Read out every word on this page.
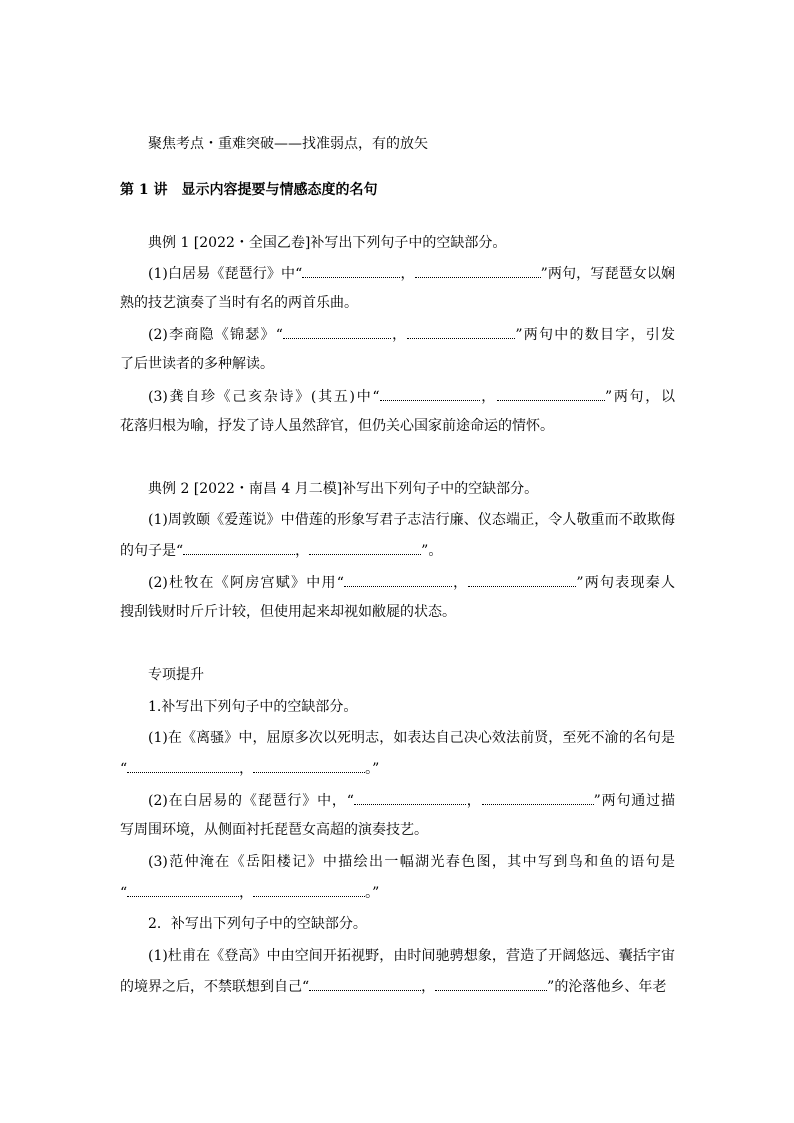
聚焦考点・重难突破——找准弱点，有的放矢
第 1 讲　显示内容提要与情感态度的名句
典例 1 [2022・全国乙卷]补写出下列句子中的空缺部分。
(1)白居易《琵琶行》中“	，	”两句，写琵琶女以娴
熟的技艺演奏了当时有名的两首乐曲。
(2)李商隐《锦瑟》“	，	”两句中的数目字，引发
了后世读者的多种解读。
(3)龚自珍《己亥杂诗》(其五)中“	，	”两句，以
花落归根为喻，抒发了诗人虽然辞官，但仍关心国家前途命运的情怀。
典例 2 [2022・南昌 4 月二模]补写出下列句子中的空缺部分。
(1)周敦颐《爱莲说》中借莲的形象写君子志洁行廉、仪态端正，令人敬重而不敢欺侮
的句子是“	，	”。
(2)杜牧在《阿房宫赋》中用“	，	”两句表现秦人
搜刮钱财时斤斤计较，但使用起来却视如敝屣的状态。
专项提升
1.补写出下列句子中的空缺部分。
(1)在《离骚》中，屈原多次以死明志，如表达自己决心效法前贤，至死不渝的名句是
“	，	。”
(2)在白居易的《琵琶行》中，“	，	”两句通过描
写周围环境，从侧面衬托琵琶女高超的演奏技艺。
(3)范仲淹在《岳阳楼记》中描绘出一幅湖光春色图，其中写到鸟和鱼的语句是
“	，	。”
2．补写出下列句子中的空缺部分。
(1)杜甫在《登高》中由空间开拓视野，由时间驰骋想象，营造了开阔悠远、囊括宇宙
的境界之后，不禁联想到自己“	，	”的沦落他乡、年老
